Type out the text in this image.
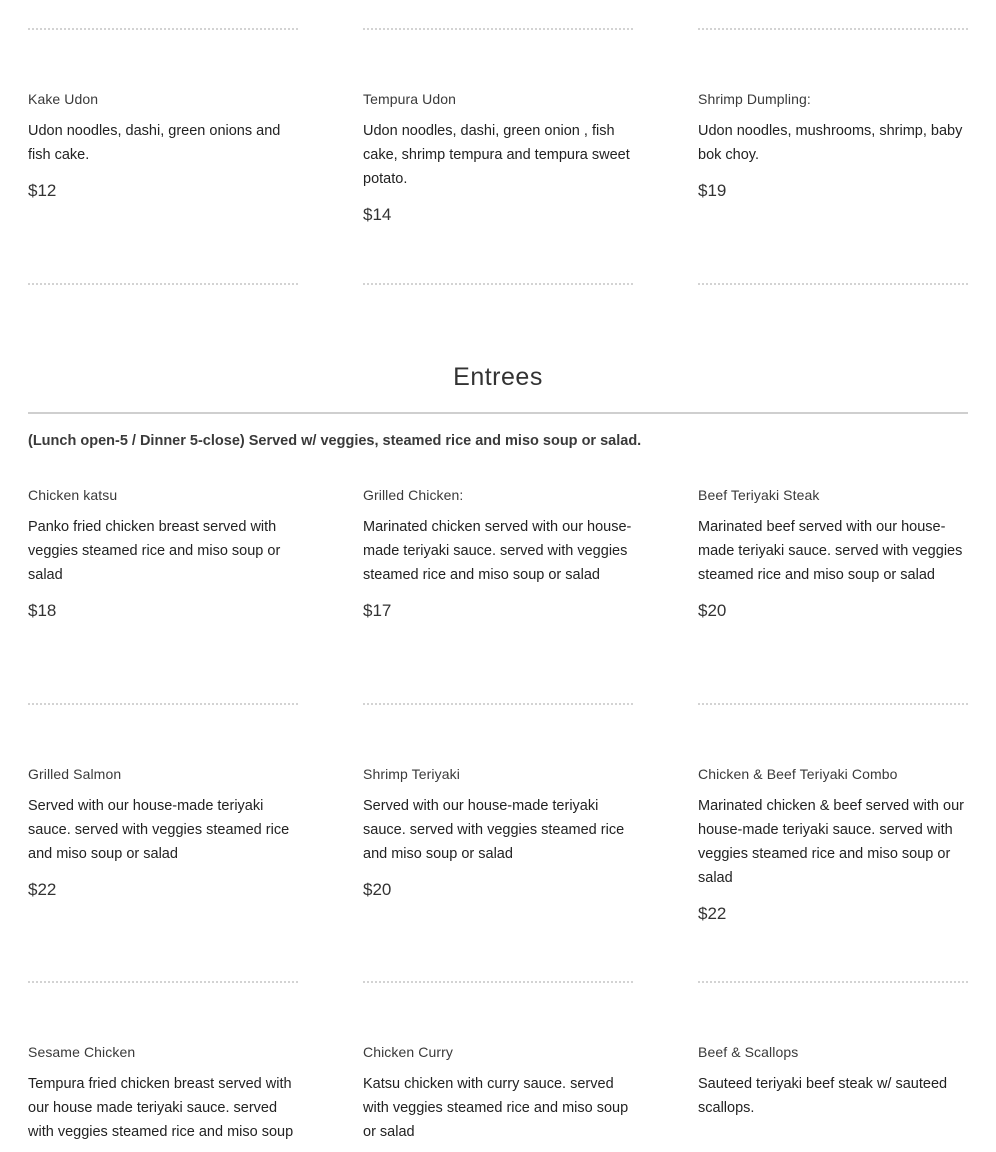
Kake Udon
Udon noodles, dashi, green onions and fish cake.
$12
Tempura Udon
Udon noodles, dashi, green onion , fish cake, shrimp tempura and tempura sweet potato.
$14
Shrimp Dumpling:
Udon noodles, mushrooms, shrimp, baby bok choy.
$19
Entrees
(Lunch open-5 / Dinner 5-close) Served w/ veggies, steamed rice and miso soup or salad.
Chicken katsu
Panko fried chicken breast served with veggies steamed rice and miso soup or salad
$18
Grilled Chicken:
Marinated chicken served with our house-made teriyaki sauce. served with veggies steamed rice and miso soup or salad
$17
Beef Teriyaki Steak
Marinated beef served with our house-made teriyaki sauce. served with veggies steamed rice and miso soup or salad
$20
Grilled Salmon
Served with our house-made teriyaki sauce. served with veggies steamed rice and miso soup or salad
$22
Shrimp Teriyaki
Served with our house-made teriyaki sauce. served with veggies steamed rice and miso soup or salad
$20
Chicken & Beef Teriyaki Combo
Marinated chicken & beef served with our house-made teriyaki sauce. served with veggies steamed rice and miso soup or salad
$22
Sesame Chicken
Tempura fried chicken breast served with our house made teriyaki sauce. served with veggies steamed rice and miso soup
Chicken Curry
Katsu chicken with curry sauce. served with veggies steamed rice and miso soup or salad
Beef & Scallops
Sauteed teriyaki beef steak w/ sauteed scallops.
